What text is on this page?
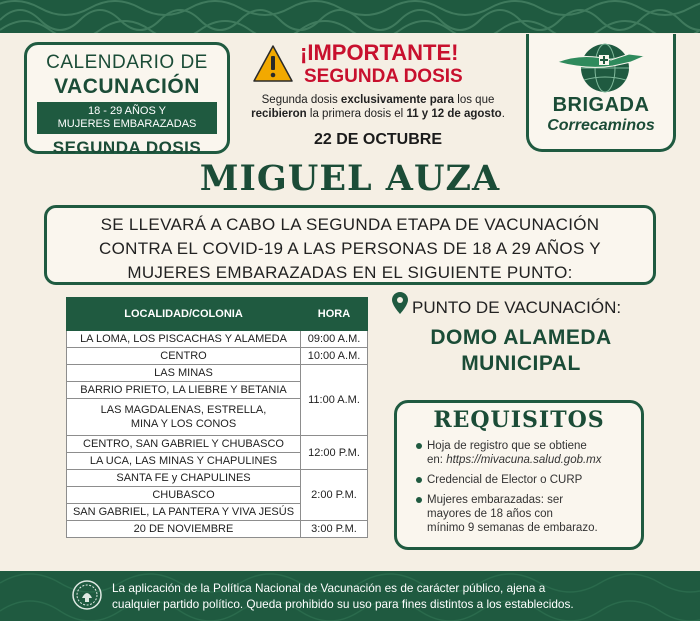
CALENDARIO DE
VACUNACIÓN
18 - 29 AÑOS Y
MUJERES EMBARAZADAS
SEGUNDA DOSIS
¡IMPORTANTE!
SEGUNDA DOSIS
Segunda dosis exclusivamente para los que
recibieron la primera dosis el 11 y 12 de agosto.
22 DE OCTUBRE
BRIGADA
Correcaminos
MIGUEL AUZA
SE LLEVARÁ A CABO LA SEGUNDA ETAPA DE VACUNACIÓN
CONTRA EL COVID-19 A LAS PERSONAS DE 18 A 29 AÑOS Y
MUJERES EMBARAZADAS EN EL SIGUIENTE PUNTO:
LOCALIDAD/COLONIA	HORA
LA LOMA, LOS PISCACHAS Y ALAMEDA	09:00 A.M.
CENTRO	10:00 A.M.
LAS MINAS	11:00 A.M.
BARRIO PRIETO, LA LIEBRE Y BETANIA	
LAS MAGDALENAS, ESTRELLA,
MINA Y LOS CONOS	
CENTRO, SAN GABRIEL Y CHUBASCO	12:00 P.M.
LA UCA, LAS MINAS Y CHAPULINES	
SANTA FE y CHAPULINES	2:00 P.M.
CHUBASCO	
SAN GABRIEL, LA PANTERA Y VIVA JESÚS	
20 DE NOVIEMBRE	3:00 P.M.
PUNTO DE VACUNACIÓN:
DOMO ALAMEDA
MUNICIPAL
REQUISITOS
Hoja de registro que se obtiene
en: https://mivacuna.salud.gob.mx
Credencial de Elector o CURP
Mujeres embarazadas: ser
mayores de 18 años con
mínimo 9 semanas de embarazo.
La aplicación de la Política Nacional de Vacunación es de carácter público, ajena a
cualquier partido político. Queda prohibido su uso para fines distintos a los establecidos.
